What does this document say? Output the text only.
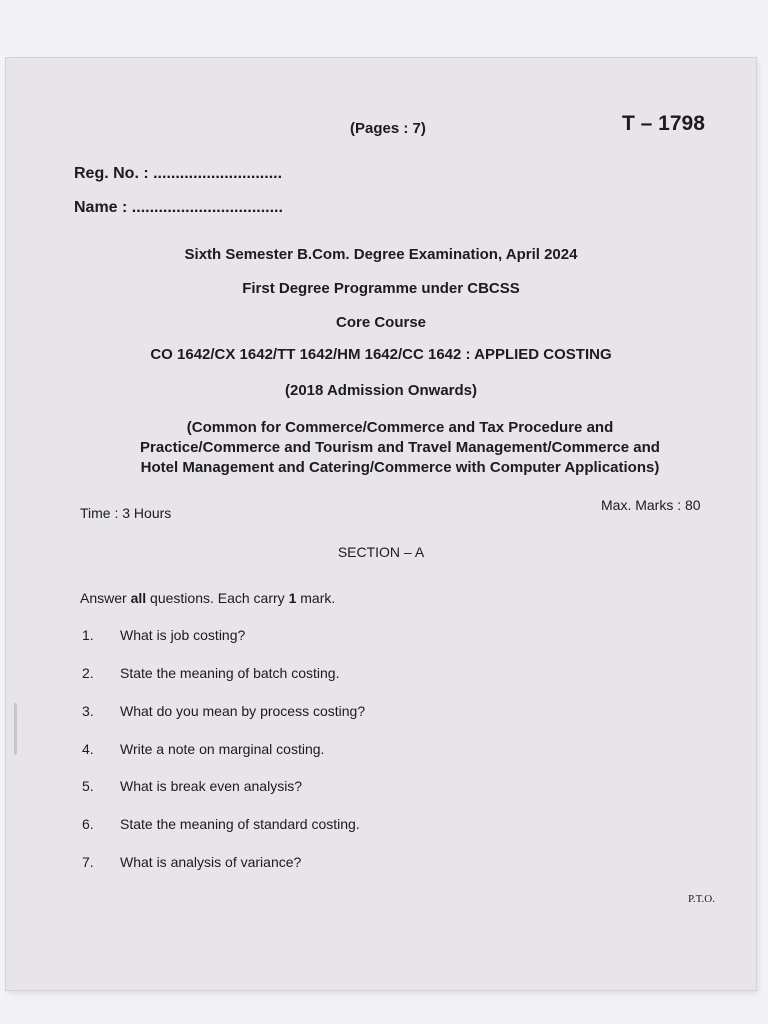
(Pages : 7)	T – 1798
Reg. No. : .............................
Name : ..................................
Sixth Semester B.Com. Degree Examination, April 2024
First Degree Programme under CBCSS
Core Course
CO 1642/CX 1642/TT 1642/HM 1642/CC 1642 : APPLIED COSTING
(2018 Admission Onwards)
(Common for Commerce/Commerce and Tax Procedure and
Practice/Commerce and Tourism and Travel Management/Commerce and
Hotel Management and Catering/Commerce with Computer Applications)
Time : 3 Hours	Max. Marks : 80
SECTION – A
Answer all questions. Each carry 1 mark.
1. What is job costing?
2. State the meaning of batch costing.
3. What do you mean by process costing?
4. Write a note on marginal costing.
5. What is break even analysis?
6. State the meaning of standard costing.
7. What is analysis of variance?
P.T.O.
